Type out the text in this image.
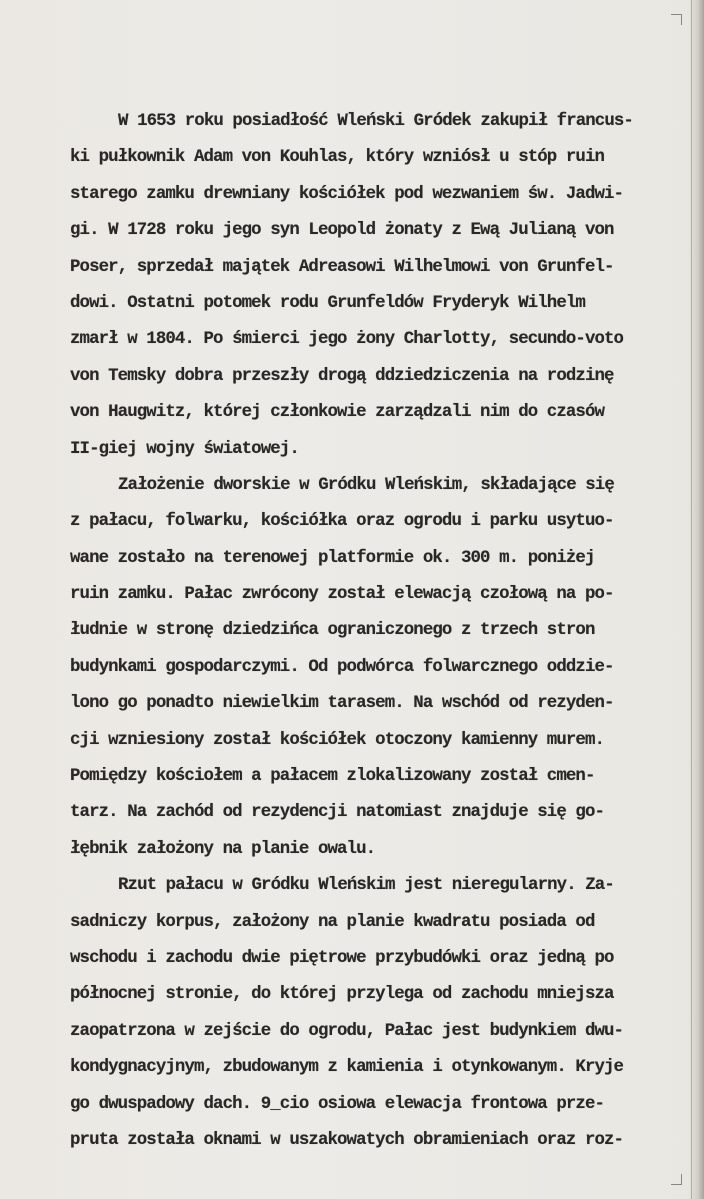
W 1653 roku posiadłość Wleński Gródek zakupił francus-
ki pułkownik Adam von Kouhlas, który wzniósł u stóp ruin
starego zamku drewniany kościółek pod wezwaniem św. Jadwi-
gi. W 1728 roku jego syn Leopold żonaty z Ewą Julianą von
Poser, sprzedał majątek Adreasowi Wilhelmowi von Grunfel-
dowi. Ostatni potomek rodu Grunfeldów Fryderyk Wilhelm
zmarł w 1804. Po śmierci jego żony Charlotty, secundo-voto
von Temsky dobra przeszły drogą ddziedziczenia na rodzinę
von Haugwitz, której członkowie zarządzali nim do czasów
II-giej wojny światowej.
Założenie dworskie w Gródku Wleńskim, składające się
z pałacu, folwarku, kościółka oraz ogrodu i parku usytuo-
wane zostało na terenowej platformie ok. 300 m. poniżej
ruin zamku. Pałac zwrócony został elewacją czołową na po-
łudnie w stronę dziedzińca ograniczonego z trzech stron
budynkami gospodarczymi. Od podwórca folwarcznego oddzie-
lono go ponadto niewielkim tarasem. Na wschód od rezyden-
cji wzniesiony został kościółek otoczony kamienny murem.
Pomiędzy kościołem a pałacem zlokalizowany został cmen-
tarz. Na zachód od rezydencji natomiast znajduje się go-
łębnik założony na planie owalu.
Rzut pałacu w Gródku Wleńskim jest nieregularny. Za-
sadniczy korpus, założony na planie kwadratu posiada od
wschodu i zachodu dwie piętrowe przybudówki oraz jedną po
północnej stronie, do której przylega od zachodu mniejsza
zaopatrzona w zejście do ogrodu, Pałac jest budynkiem dwu-
kondygnacyjnym, zbudowanym z kamienia i otynkowanym. Kryje
go dwuspadowy dach. 9_cio osiowa elewacja frontowa prze-
pruta została oknami w uszakowatych obramieniach oraz roz-
